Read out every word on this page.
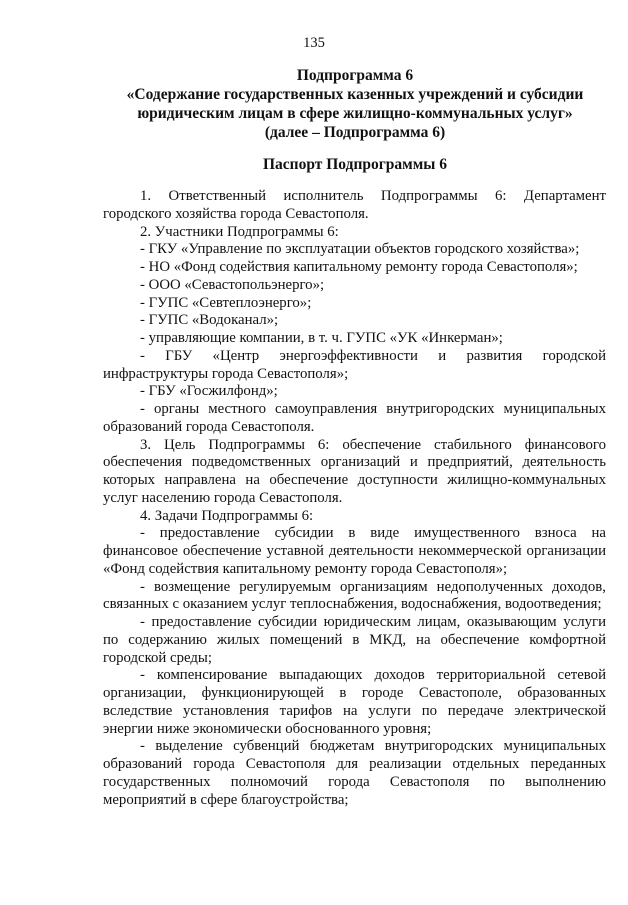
135
Подпрограмма 6
«Содержание государственных казенных учреждений и субсидии
юридическим лицам в сфере жилищно-коммунальных услуг»
(далее – Подпрограмма 6)
Паспорт Подпрограммы 6

1. Ответственный исполнитель Подпрограммы 6: Департамент городского хозяйства города Севастополя.

2. Участники Подпрограммы 6:

- ГКУ «Управление по эксплуатации объектов городского хозяйства»;

- НО «Фонд содействия капитальному ремонту города Севастополя»;

- ООО «Севастопольэнерго»;

- ГУПС «Севтеплоэнерго»;

- ГУПС «Водоканал»;

- управляющие компании, в т. ч. ГУПС «УК «Инкерман»;

- ГБУ «Центр энергоэффективности и развития городской инфраструктуры города Севастополя»;

- ГБУ «Госжилфонд»;

- органы местного самоуправления внутригородских муниципальных образований города Севастополя.

3. Цель Подпрограммы 6: обеспечение стабильного финансового обеспечения подведомственных организаций и предприятий, деятельность которых направлена на обеспечение доступности жилищно-коммунальных услуг населению города Севастополя.

4. Задачи Подпрограммы 6:

- предоставление субсидии в виде имущественного взноса на финансовое обеспечение уставной деятельности некоммерческой организации «Фонд содействия капитальному ремонту города Севастополя»;

- возмещение регулируемым организациям недополученных доходов, связанных с оказанием услуг теплоснабжения, водоснабжения, водоотведения;

- предоставление субсидии юридическим лицам, оказывающим услуги по содержанию жилых помещений в МКД, на обеспечение комфортной городской среды;

- компенсирование выпадающих доходов территориальной сетевой организации, функционирующей в городе Севастополе, образованных вследствие установления тарифов на услуги по передаче электрической энергии ниже экономически обоснованного уровня;

- выделение субвенций бюджетам внутригородских муниципальных образований города Севастополя для реализации отдельных переданных государственных полномочий города Севастополя по выполнению мероприятий в сфере благоустройства;
